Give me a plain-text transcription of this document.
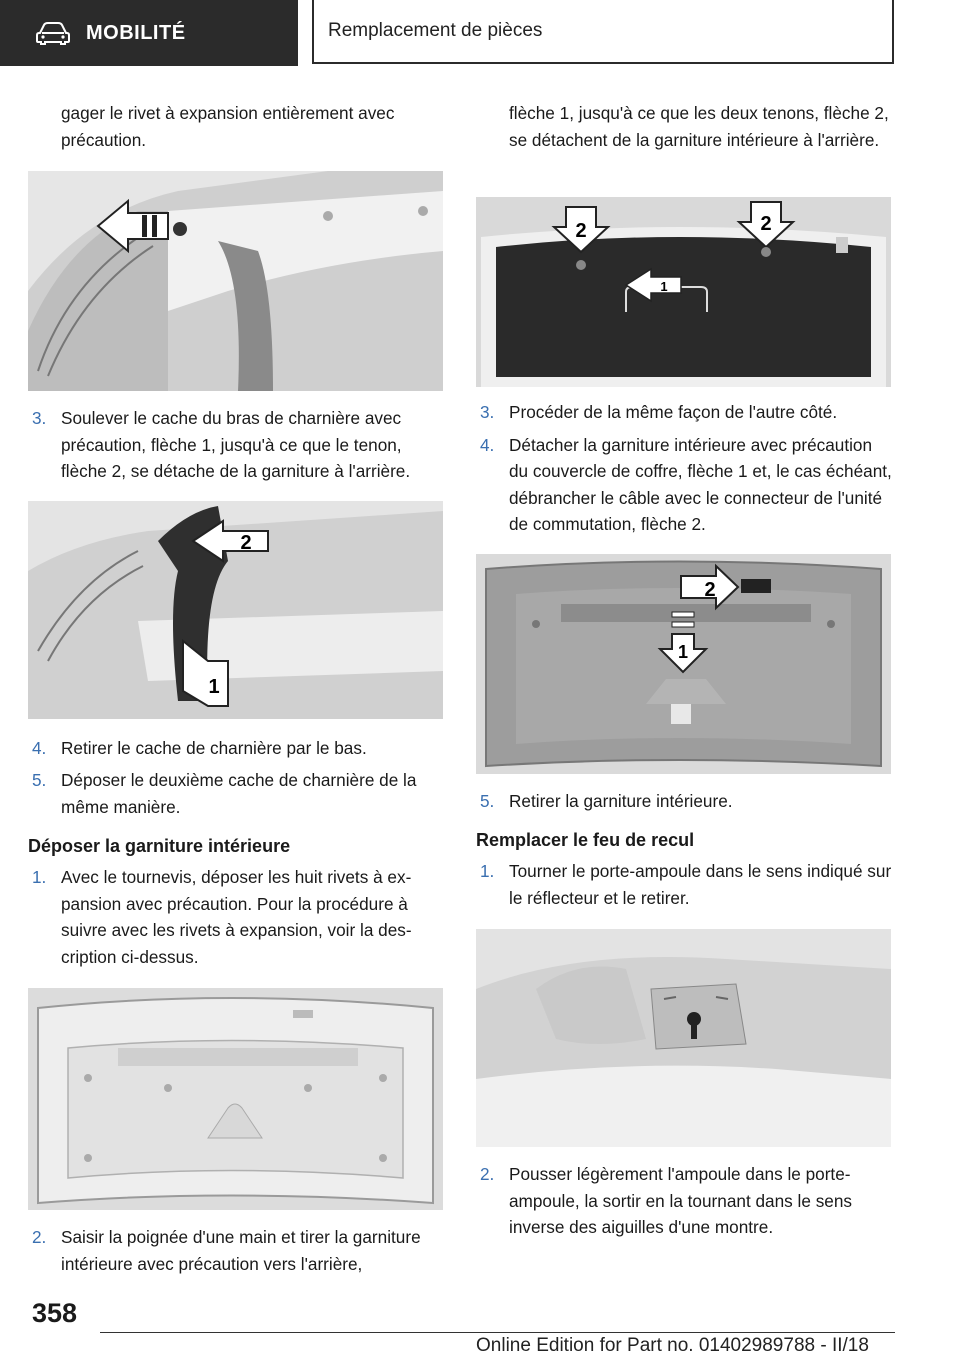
MOBILITÉ	Remplacement de pièces

gager le rivet à expansion entièrement avec précaution.

3. Soulever le cache du bras de charnière avec précaution, flèche 1, jusqu'à ce que le tenon, flèche 2, se détache de la garniture à l'arrière.
2
1
4. Retirer le cache de charnière par le bas.
5. Déposer le deuxième cache de charnière de la même manière.
Déposer la garniture intérieure
1. Avec le tournevis, déposer les huit rivets à expansion avec précaution. Pour la procédure à suivre avec les rivets à expansion, voir la description ci-dessus.
2. Saisir la poignée d'une main et tirer la garniture intérieure avec précaution vers l'arrière,

flèche 1, jusqu'à ce que les deux tenons, flèche 2, se détachent de la garniture intérieure à l'arrière.

1
2	2
3. Procéder de la même façon de l'autre côté.
4. Détacher la garniture intérieure avec précaution du couvercle de coffre, flèche 1 et, le cas échéant, débrancher le câble avec le connecteur de l'unité de commutation, flèche 2.
2
1
5. Retirer la garniture intérieure.
Remplacer le feu de recul
1. Tourner le porte-ampoule dans le sens indiqué sur le réflecteur et le retirer.
2. Pousser légèrement l'ampoule dans le porte-ampoule, la sortir en la tournant dans le sens inverse des aiguilles d'une montre.
358
Online Edition for Part no. 01402989788 - II/18
